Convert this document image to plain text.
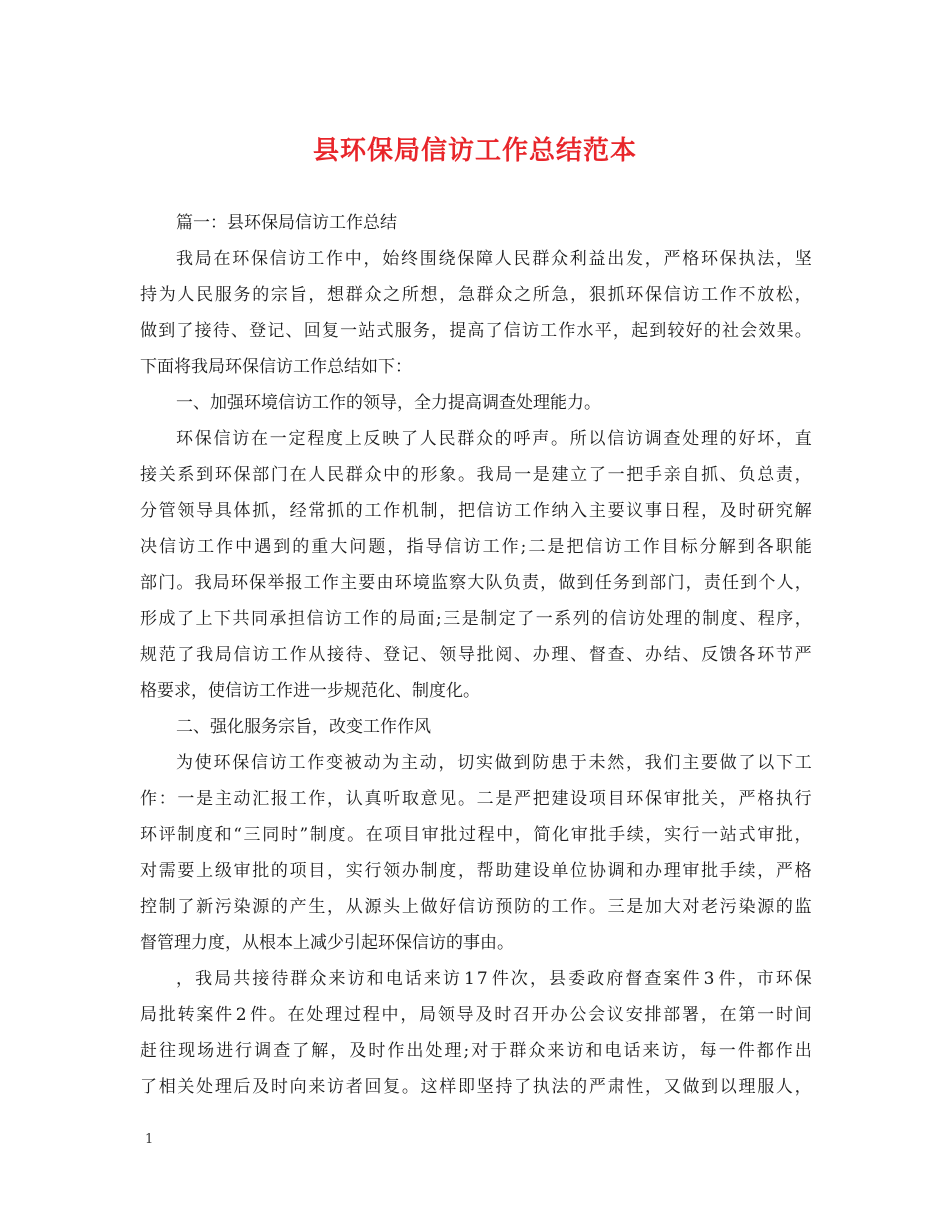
县环保局信访工作总结范本
篇一：县环保局信访工作总结
我 局 在 环 保 信 访 工 作 中 ， 始 终 围 绕 保 障 人 民 群 众 利 益 出 发 ， 严 格 环 保 执 法 ， 坚
持 为 人 民 服 务 的 宗 旨 ， 想 群 众 之 所 想 ， 急 群 众 之 所 急 ， 狠 抓 环 保 信 访 工 作 不 放 松 ，
做 到 了 接 待 、 登 记 、 回 复 一 站 式 服 务 ， 提 高 了 信 访 工 作 水 平 ， 起 到 较 好 的 社 会 效 果 。
下面将我局环保信访工作总结如下：
一、加强环境信访工作的领导，全力提高调查处理能力。
环 保 信 访 在 一 定 程 度 上 反 映 了 人 民 群 众 的 呼 声 。 所 以 信 访 调 查 处 理 的 好 坏 ， 直
接 关 系 到 环 保 部 门 在 人 民 群 众 中 的 形 象 。 我 局 一 是 建 立 了 一 把 手 亲 自 抓 、 负 总 责 ，
分 管 领 导 具 体 抓 ， 经 常 抓 的 工 作 机 制 ， 把 信 访 工 作 纳 入 主 要 议 事 日 程 ， 及 时 研 究 解
决 信 访 工 作 中 遇 到 的 重 大 问 题 ， 指 导 信 访 工 作 ; 二 是 把 信 访 工 作 目 标 分 解 到 各 职 能
部 门 。 我 局 环 保 举 报 工 作 主 要 由 环 境 监 察 大 队 负 责 ， 做 到 任 务 到 部 门 ， 责 任 到 个 人 ，
形 成 了 上 下 共 同 承 担 信 访 工 作 的 局 面 ; 三 是 制 定 了 一 系 列 的 信 访 处 理 的 制 度 、 程 序 ，
规 范 了 我 局 信 访 工 作 从 接 待 、 登 记 、 领 导 批 阅 、 办 理 、 督 查 、 办 结 、 反 馈 各 环 节 严
格要求，使信访工作进一步规范化、制度化。
二、强化服务宗旨，改变工作作风
为 使 环 保 信 访 工 作 变 被 动 为 主 动 ， 切 实 做 到 防 患 于 未 然 ， 我 们 主 要 做 了 以 下 工
作 ： 一 是 主 动 汇 报 工 作 ， 认 真 听 取 意 见 。 二 是 严 把 建 设 项 目 环 保 审 批 关 ， 严 格 执 行
环 评 制 度 和 “ 三 同 时 ” 制 度 。 在 项 目 审 批 过 程 中 ， 简 化 审 批 手 续 ， 实 行 一 站 式 审 批 ，
对 需 要 上 级 审 批 的 项 目 ， 实 行 领 办 制 度 ， 帮 助 建 设 单 位 协 调 和 办 理 审 批 手 续 ， 严 格
控 制 了 新 污 染 源 的 产 生 ， 从 源 头 上 做 好 信 访 预 防 的 工 作 。 三 是 加 大 对 老 污 染 源 的 监
督管理力度，从根本上减少引起环保信访的事由。
， 我 局 共 接 待 群 众 来 访 和 电 话 来 访 1 7 件 次 ， 县 委 政 府 督 查 案 件 3 件 ， 市 环 保
局 批 转 案 件 2 件 。 在 处 理 过 程 中 ， 局 领 导 及 时 召 开 办 公 会 议 安 排 部 署 ， 在 第 一 时 间
赶 往 现 场 进 行 调 查 了 解 ， 及 时 作 出 处 理 ; 对 于 群 众 来 访 和 电 话 来 访 ， 每 一 件 都 作 出
了 相 关 处 理 后 及 时 向 来 访 者 回 复 。 这 样 即 坚 持 了 执 法 的 严 肃 性 ， 又 做 到 以 理 服 人 ，
1
